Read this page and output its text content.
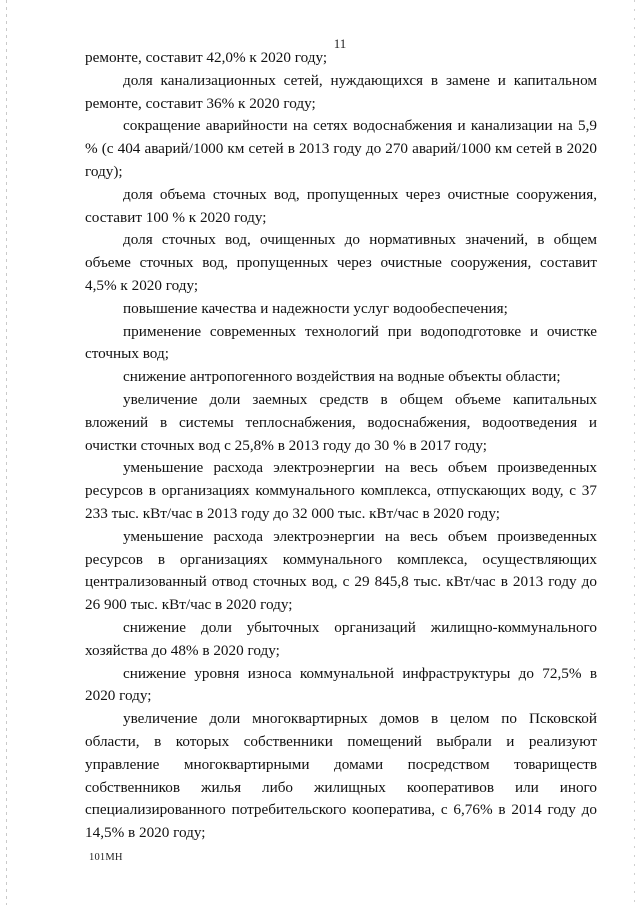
11

ремонте, составит 42,0% к 2020 году;

доля канализационных сетей, нуждающихся в замене и капитальном ремонте, составит 36% к 2020 году;

сокращение аварийности на сетях водоснабжения и канализации на 5,9 % (с 404 аварий/1000 км сетей в 2013 году до 270 аварий/1000 км сетей в 2020 году);

доля объема сточных вод, пропущенных через очистные сооружения, составит 100 % к 2020 году;

доля сточных вод, очищенных до нормативных значений, в общем объеме сточных вод, пропущенных через очистные сооружения, составит 4,5% к 2020 году;

повышение качества и надежности услуг водообеспечения;

применение современных технологий при водоподготовке и очистке сточных вод;

снижение антропогенного воздействия на водные объекты области;

увеличение доли заемных средств в общем объеме капитальных вложений в системы теплоснабжения, водоснабжения, водоотведения и очистки сточных вод с 25,8% в 2013 году до 30 % в 2017 году;

уменьшение расхода электроэнергии на весь объем произведенных ресурсов в организациях коммунального комплекса, отпускающих воду, с 37 233 тыс. кВт/час в 2013 году до 32 000 тыс. кВт/час в 2020 году;

уменьшение расхода электроэнергии на весь объем произведенных ресурсов в организациях коммунального комплекса, осуществляющих централизованный отвод сточных вод, с 29 845,8 тыс. кВт/час в 2013 году до 26 900 тыс. кВт/час в 2020 году;

снижение доли убыточных организаций жилищно-коммунального хозяйства до 48% в 2020 году;

снижение уровня износа коммунальной инфраструктуры до 72,5% в 2020 году;

увеличение доли многоквартирных домов в целом по Псковской области, в которых собственники помещений выбрали и реализуют управление многоквартирными домами посредством товариществ собственников жилья либо жилищных кооперативов или иного специализированного потребительского кооператива, с 6,76% в 2014 году до 14,5% в 2020 году;

101МН
